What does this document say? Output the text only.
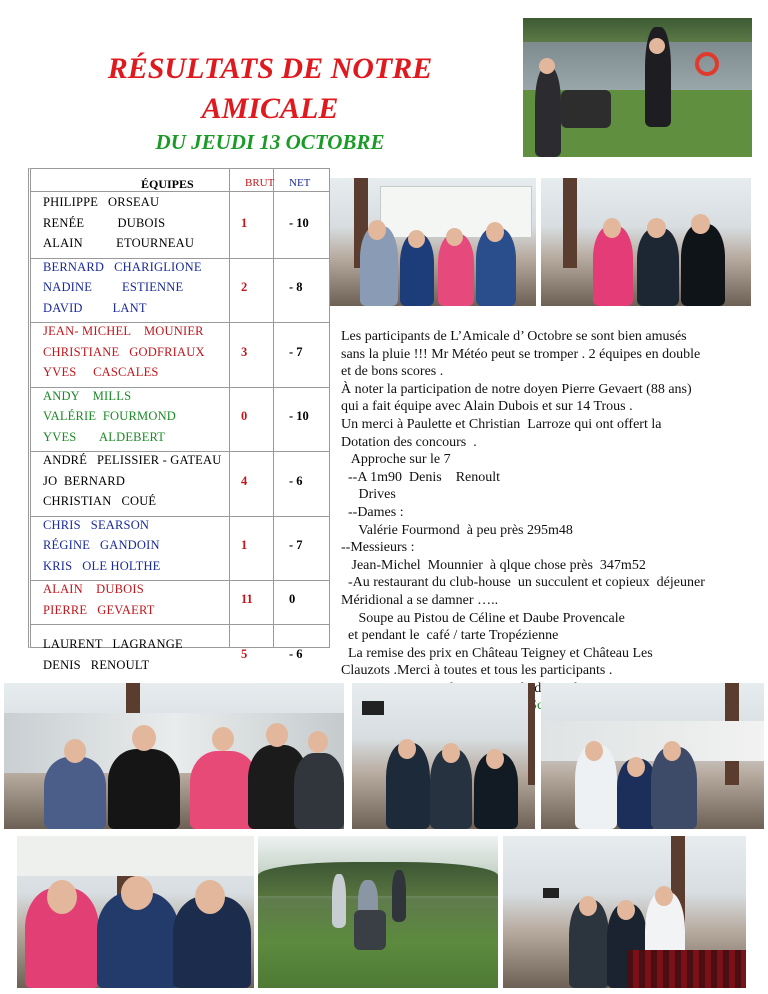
RÉSULTATS DE NOTRE
AMICALE
DU JEUDI 13 OCTOBRE
ÉQUIPES	BRUT NET
PHILIPPE   ORSEAU
RENÉE          DUBOIS
ALAIN          ETOURNEAU
1	- 10
BERNARD   CHARIGLIONE
NADINE         ESTIENNE
DAVID         LANT
2	- 8
JEAN- MICHEL    MOUNIER
CHRISTIANE   GODFRIAUX
YVES     CASCALES
3	- 7
ANDY    MILLS
VALÉRIE  FOURMOND
YVES       ALDEBERT
0	- 10
ANDRÉ   PELISSIER - GATEAU
JO  BERNARD
CHRISTIAN   COUÉ
4	- 6
CHRIS   SEARSON
RÉGINE   GANDOIN
KRIS   OLE HOLTHE
1	- 7
ALAIN    DUBOIS
PIERRE   GEVAERT
11	0
LAURENT   LAGRANGE
DENIS   RENOULT
5	- 6

Les participants de L’Amicale d’ Octobre se sont bien amusés

sans la pluie !!! Mr Météo peut se tromper . 2 équipes en double

et de bons scores .

À noter la participation de notre doyen Pierre Gevaert (88 ans)

qui a fait équipe avec Alain Dubois et sur 14 Trous .

Un merci à Paulette et Christian  Larroze qui ont offert la

Dotation des concours  .

Approche sur le 7

--A 1m90  Denis    Renoult

Drives

--Dames :

Valérie Fourmond  à peu près 295m48

--Messieurs :

Jean-Michel  Mounnier  à qlque chose près  347m52

-Au restaurant du club-house  un succulent et copieux  déjeuner

Méridional a se damner …..

Soupe au Pistou de Céline et Daube Provencale

et pendant le  café / tarte Tropézienne

La remise des prix en Château Teigney et Château Les

Clauzots .Merci à toutes et tous les participants .
